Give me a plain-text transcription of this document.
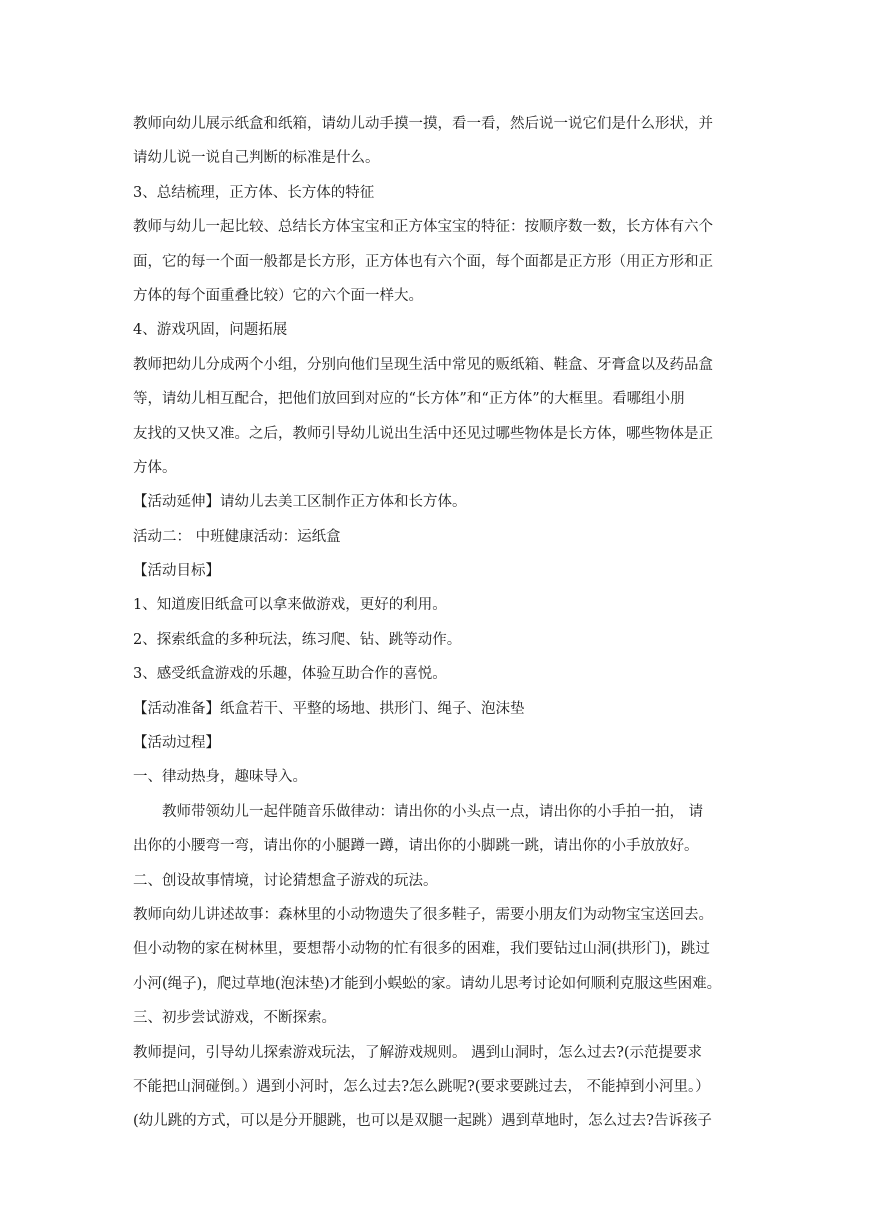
教师向幼儿展示纸盒和纸箱，请幼儿动手摸一摸，看一看，然后说一说它们是什么形状，并
请幼儿说一说自己判断的标准是什么。
3、总结梳理，正方体、长方体的特征
教师与幼儿一起比较、总结长方体宝宝和正方体宝宝的特征：按顺序数一数，长方体有六个
面，它的每一个面一般都是长方形，正方体也有六个面，每个面都是正方形（用正方形和正
方体的每个面重叠比较）它的六个面一样大。
4、游戏巩固，问题拓展
教师把幼儿分成两个小组，分别向他们呈现生活中常见的贩纸箱、鞋盒、牙膏盒以及药品盒
等，请幼儿相互配合，把他们放回到对应的“长方体”和“正方体”的大框里。看哪组小朋
友找的又快又准。之后，教师引导幼儿说出生活中还见过哪些物体是长方体，哪些物体是正
方体。
【活动延伸】请幼儿去美工区制作正方体和长方体。
活动二： 中班健康活动：运纸盒
【活动目标】
1、知道废旧纸盒可以拿来做游戏，更好的利用。
2、探索纸盒的多种玩法，练习爬、钻、跳等动作。
3、感受纸盒游戏的乐趣，体验互助合作的喜悦。
【活动准备】纸盒若干、平整的场地、拱形门、绳子、泡沫垫
【活动过程】
一、律动热身，趣味导入。
教师带领幼儿一起伴随音乐做律动：请出你的小头点一点，请出你的小手拍一拍， 请
出你的小腰弯一弯，请出你的小腿蹲一蹲，请出你的小脚跳一跳，请出你的小手放放好。
二、创设故事情境，讨论猜想盒子游戏的玩法。
教师向幼儿讲述故事：森林里的小动物遗失了很多鞋子，需要小朋友们为动物宝宝送回去。
但小动物的家在树林里，要想帮小动物的忙有很多的困难，我们要钻过山洞(拱形门)，跳过
小河(绳子)，爬过草地(泡沫垫)才能到小蜈蚣的家。请幼儿思考讨论如何顺利克服这些困难。
三、初步尝试游戏，不断探索。
教师提问，引导幼儿探索游戏玩法，了解游戏规则。 遇到山洞时，怎么过去?(示范提要求
不能把山洞碰倒。）遇到小河时，怎么过去?怎么跳呢?(要求要跳过去， 不能掉到小河里。）
(幼儿跳的方式，可以是分开腿跳，也可以是双腿一起跳）遇到草地时，怎么过去?告诉孩子
